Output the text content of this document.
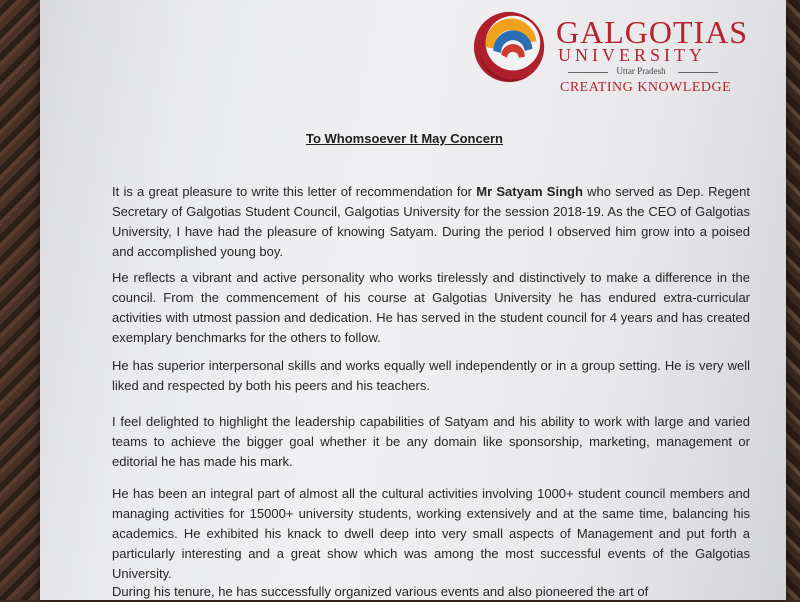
GALGOTIAS
UNIVERSITY
Uttar Pradesh
CREATING KNOWLEDGE
To Whomsoever It May Concern

It is a great pleasure to write this letter of recommendation for Mr Satyam Singh who served as Dep. Regent Secretary of Galgotias Student Council, Galgotias University for the session 2018-19. As the CEO of Galgotias University, I have had the pleasure of knowing Satyam. During the period I observed him grow into a poised and accomplished young boy.

He reflects a vibrant and active personality who works tirelessly and distinctively to make a difference in the council. From the commencement of his course at Galgotias University he has endured extra-curricular activities with utmost passion and dedication. He has served in the student council for 4 years and has created exemplary benchmarks for the others to follow.

He has superior interpersonal skills and works equally well independently or in a group setting. He is very well liked and respected by both his peers and his teachers.

I feel delighted to highlight the leadership capabilities of Satyam and his ability to work with large and varied teams to achieve the bigger goal whether it be any domain like sponsorship, marketing, management or editorial he has made his mark.

He has been an integral part of almost all the cultural activities involving 1000+ student council members and managing activities for 15000+ university students, working extensively and at the same time, balancing his academics. He exhibited his knack to dwell deep into very small aspects of Management and put forth a particularly interesting and a great show which was among the most successful events of the Galgotias University.

During his tenure, he has successfully organized various events and also pioneered the art of
